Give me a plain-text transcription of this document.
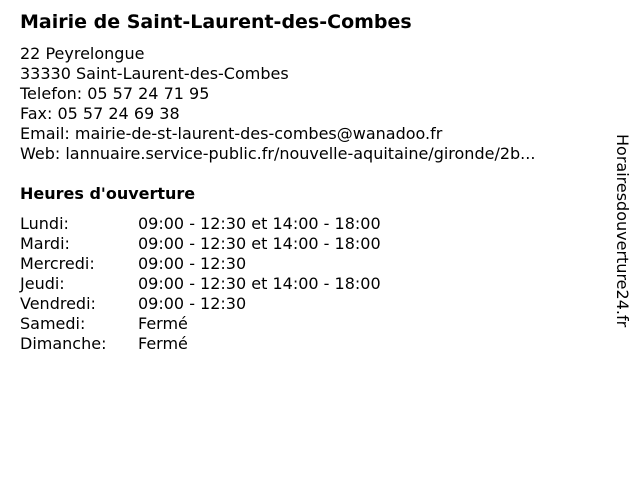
Mairie de Saint-Laurent-des-Combes
22 Peyrelongue
33330 Saint-Laurent-des-Combes
Telefon: 05 57 24 71 95
Fax: 05 57 24 69 38
Email: mairie-de-st-laurent-des-combes@wanadoo.fr
Web: lannuaire.service-public.fr/nouvelle-aquitaine/gironde/2b...
Heures d'ouverture
Lundi:	09:00 - 12:30 et 14:00 - 18:00
Mardi:	09:00 - 12:30 et 14:00 - 18:00
Mercredi:	09:00 - 12:30
Jeudi:	09:00 - 12:30 et 14:00 - 18:00
Vendredi:	09:00 - 12:30
Samedi:	Fermé
Dimanche: Fermé
Horairesdouverture24.fr
